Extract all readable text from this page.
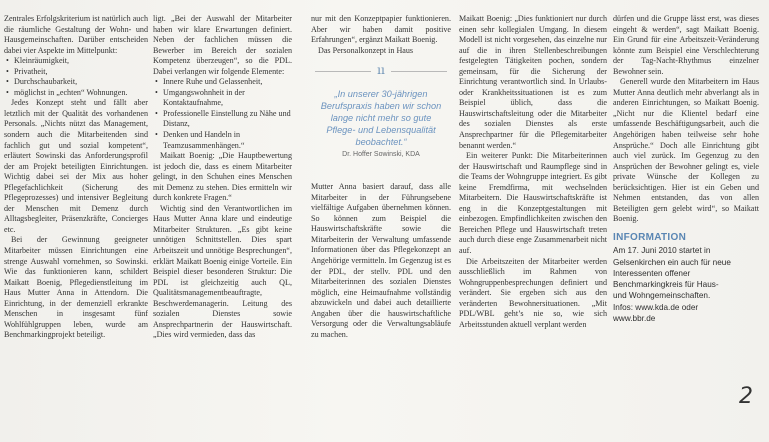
Zentrales Erfolgskriterium ist natürlich auch die räumliche Gestaltung der Wohn- und Hausgemeinschaften. Darüber entscheiden dabei vier Aspekte im Mittelpunkt:

• Kleinräumigkeit,
• Privatheit,
• Durchschaubarkeit,
• möglichst in „echten“ Wohnungen.

Jedes Konzept steht und fällt aber letztlich mit der Qualität des vorhandenen Personals. „Nichts nützt das Management, sondern auch die Mitarbeitenden sind fachlich gut und sozial kompetent“, erläutert Sowinski das Anforderungsprofil der am Projekt beteiligten Einrichtungen. Wichtig dabei sei der Mix aus hoher Pflegefachlichkeit (Sicherung des Pflegeprozesses) und intensiver Begleitung der Menschen mit Demenz durch Alltagsbegleiter, Präsenzkräfte, Concierges etc.

Bei der Gewinnung geeigneter Mitarbeiter müssen Einrichtungen eine strenge Auswahl vornehmen, so Sowinski. Wie das funktionieren kann, schildert Maikatt Boenig, Pflegedienstleitung im Haus Mutter Anna in Attendorn. Die Einrichtung, in der demenziell erkrankte Menschen in insgesamt fünf Wohlfühlgruppen leben, wurde am Benchmarkingprojekt beteiligt.

ligt. „Bei der Auswahl der Mitarbeiter haben wir klare Erwartungen definiert. Neben der fachlichen müssen die Bewerber im Bereich der sozialen Kompetenz überzeugen“, so die PDL. Dabei verlangen wir folgende Elemente:

• Innere Ruhe und Gelassenheit,
• Umgangswohnheit in der Kontaktaufnahme,
• Professionelle Einstellung zu Nähe und Distanz,
• Denken und Handeln in Teamzusammenhängen.“

Maikatt Boenig: „Die Hauptbewertung ist jedoch die, dass es einem Mitarbeiter gelingt, in den Schuhen eines Menschen mit Demenz zu stehen. Dies ermitteln wir durch konkrete Fragen.“

Wichtig sind den Verantwortlichen im Haus Mutter Anna klare und eindeutige Mitarbeiter Strukturen. „Es gibt keine unnötigen Schnittstellen. Dies spart Arbeitszeit und unnötige Besprechungen“, erklärt Maikatt Boenig einige Vorteile. Ein Beispiel dieser besonderen Struktur: Die PDL ist gleichzeitig auch QL, Qualitätsmanagementbeauftragte, Beschwerdemanagerin. Leitung des sozialen Dienstes sowie Ansprechpartnerin der Hauswirtschaft. „Dies wird vermieden, dass das

nur mit den Konzeptpapier funktionieren. Aber wir haben damit positive Erfahrungen“, ergänzt Maikatt Boenig.

Das Personalkonzept in Haus

ıı
„In unserer 30-jährigen Berufspraxis haben wir schon lange nicht mehr so gute Pflege- und Lebensqualität beobachtet.“
Dr. Hoffer Sowinski, KDA

Mutter Anna basiert darauf, dass alle Mitarbeiter in der Führungsebene vielfältige Aufgaben übernehmen können. So können zum Beispiel die Hauswirtschaftskräfte sowie die Mitarbeiterin der Verwaltung umfassende Informationen über das Pflegekonzept an Angehörige vermitteln. Im Gegenzug ist es der PDL, der stellv. PDL und den Mitarbeiterinnen des sozialen Dienstes möglich, eine Heimaufnahme vollständig abzuwickeln und dabei auch detaillierte Angaben über die hauswirtschaftliche Versorgung oder die Verwaltungsabläufe zu machen.

Maikatt Boenig: „Dies funktioniert nur durch einen sehr kollegialen Umgang. In diesem Modell ist nicht vorgesehen, das einzelne nur auf die in ihren Stellenbeschreibungen festgelegten Tätigkeiten pochen, sondern gemeinsam, für die Sicherung der Einrichtung verantwortlich sind. In Urlaubs- oder Krankheitssituationen ist es zum Beispiel üblich, dass die Hauswirtschaftsleitung oder die Mitarbeiter des sozialen Dienstes als erste Ansprechpartner für die Pflegemitarbeiter benannt werden.“

Ein weiterer Punkt: Die Mitarbeiterinnen der Hauswirtschaft und Raumpflege sind in die Teams der Wohngruppe integriert. Es gibt keine Fremdfirma, mit wechselnden Mitarbeitern. Die Hauswirtschaftskräfte ist eng in die Konzeptgestaltungen mit einbezogen. Empfindlichkeiten zwischen den Bereichen Pflege und Hauswirtschaft treten auch durch diese enge Zusammenarbeit nicht auf.

Die Arbeitszeiten der Mitarbeiter werden ausschließlich im Rahmen von Wohngruppenbesprechungen definiert und verändert. Sie ergeben sich aus den veränderten Bewohnersituationen. „Mit PDL/WBL geht’s nie so, wie sich Arbeitsstunden aktuell verplant werden

dürfen und die Gruppe lässt erst, was dieses eingeht & werden“, sagt Maikatt Boenig. Ein Grund für eine Arbeitszeit-Veränderung könnte zum Beispiel eine Verschlechterung der Tag-Nacht-Rhythmus einzelner Bewohner sein.

Generell wurde den Mitarbeitern im Haus Mutter Anna deutlich mehr abverlangt als in anderen Einrichtungen, so Maikatt Boenig. „Nicht nur die Klientel bedarf eine umfassende Beschäftigungsarbeit, auch die Angehörigen haben teilweise sehr hohe Ansprüche.“ Doch alle Einrichtung gibt auch viel zurück. Im Gegenzug zu den Ansprüchen der Bewohner gelingt es, viele private Wünsche der Kollegen zu berücksichtigen. Hier ist ein Geben und Nehmen entstanden, das von allen Beteiligten gern gelebt wird“, so Maikatt Boenig.

INFORMATION
Am 17. Juni 2010 startet in Gelsenkirchen ein auch für neue Interessenten offener Benchmarkingkreis für Haus- und Wohngemeinschaften. Infos: www.kda.de oder www.bbr.de
2
